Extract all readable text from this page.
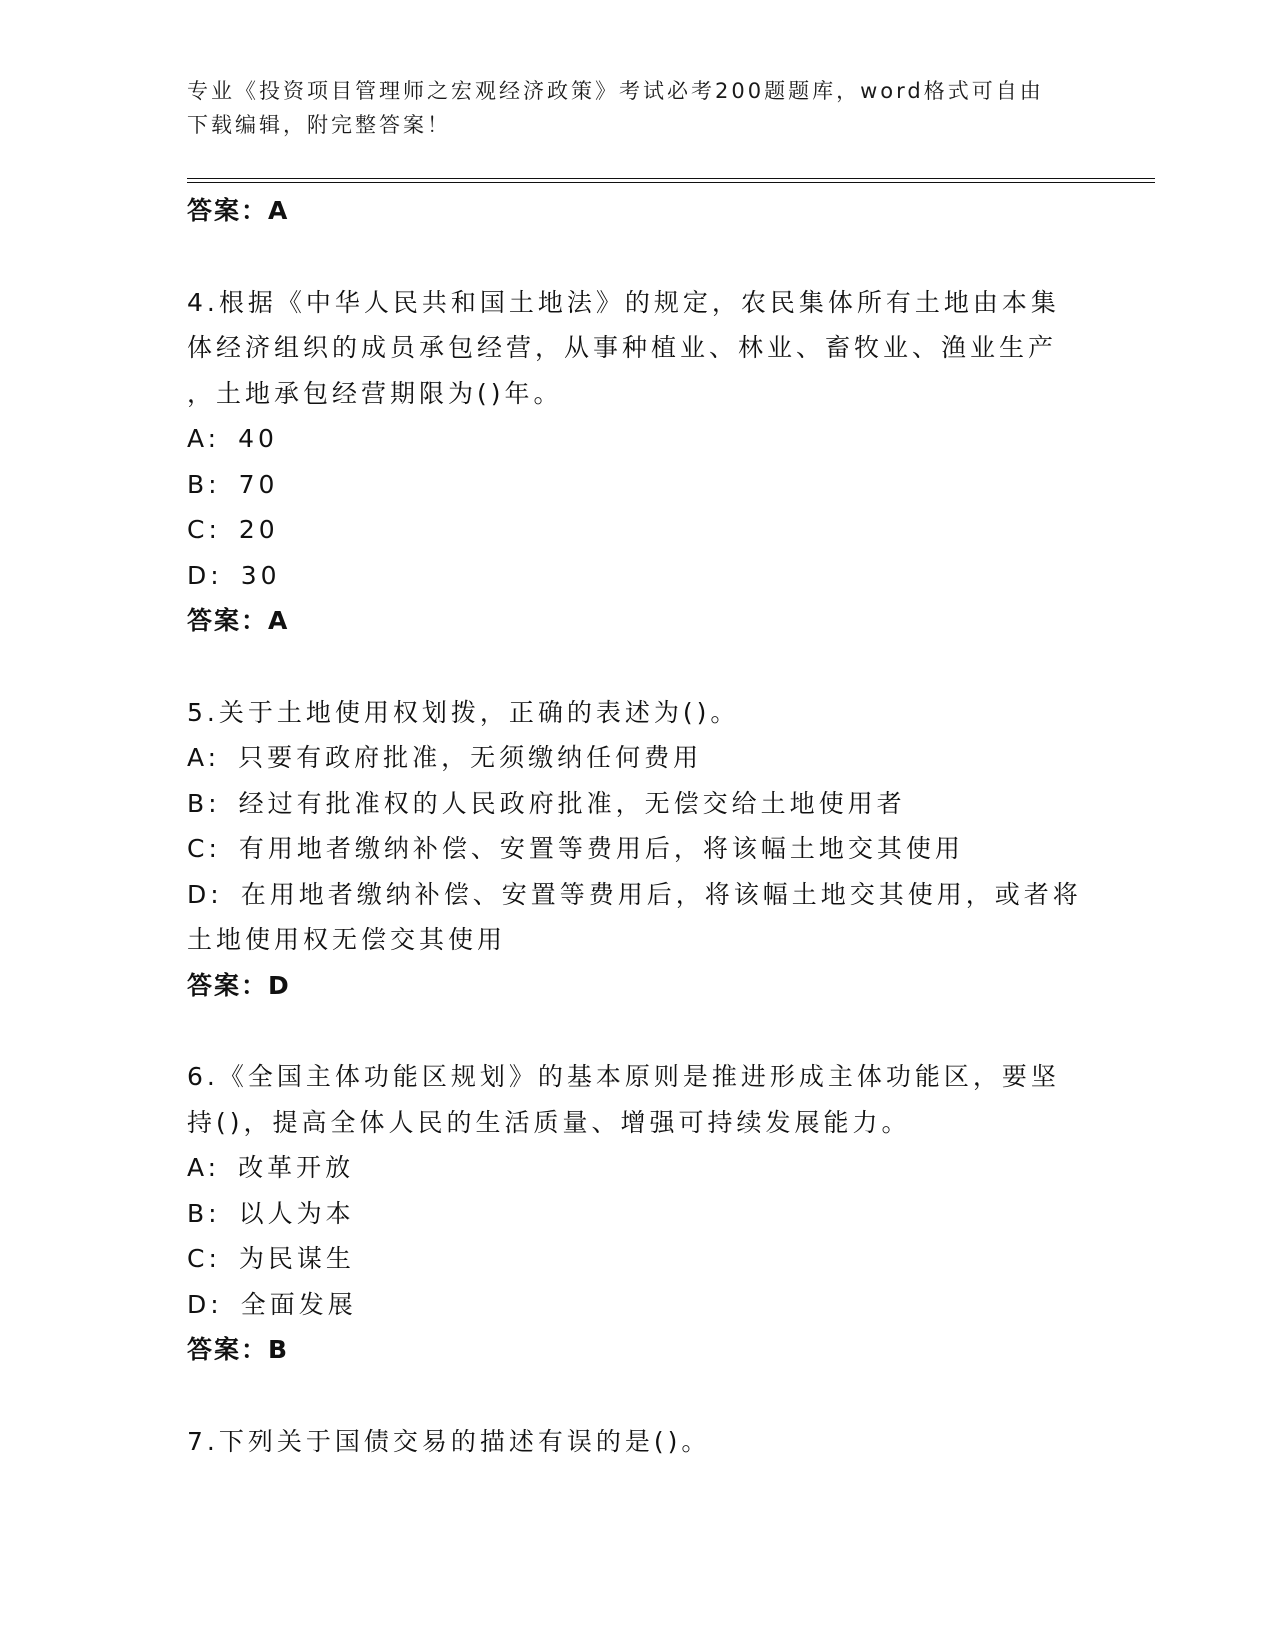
专业《投资项目管理师之宏观经济政策》考试必考200题题库，word格式可自由
下载编辑，附完整答案！
答案：A
4.根据《中华人民共和国土地法》的规定，农民集体所有土地由本集
体经济组织的成员承包经营，从事种植业、林业、畜牧业、渔业生产
，土地承包经营期限为()年。
A: 40
B: 70
C: 20
D: 30
答案：A
5.关于土地使用权划拨，正确的表述为()。
A: 只要有政府批准，无须缴纳任何费用
B: 经过有批准权的人民政府批准，无偿交给土地使用者
C: 有用地者缴纳补偿、安置等费用后，将该幅土地交其使用
D: 在用地者缴纳补偿、安置等费用后，将该幅土地交其使用，或者将
土地使用权无偿交其使用
答案：D
6.《全国主体功能区规划》的基本原则是推进形成主体功能区，要坚
持()，提高全体人民的生活质量、增强可持续发展能力。
A: 改革开放
B: 以人为本
C: 为民谋生
D: 全面发展
答案：B
7.下列关于国债交易的描述有误的是()。
